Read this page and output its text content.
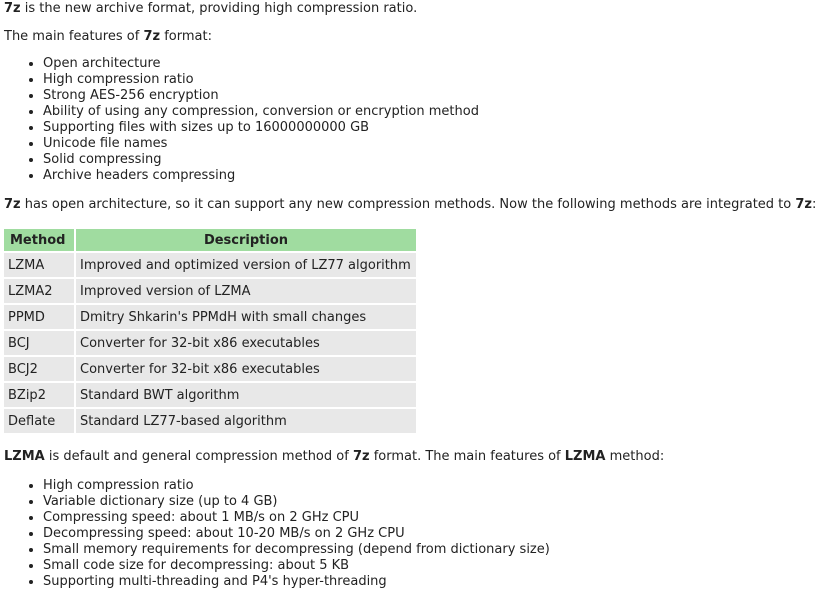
7z is the new archive format, providing high compression ratio.

The main features of 7z format:

Open architecture
High compression ratio
Strong AES-256 encryption
Ability of using any compression, conversion or encryption method
Supporting files with sizes up to 16000000000 GB
Unicode file names
Solid compressing
Archive headers compressing

7z has open architecture, so it can support any new compression methods. Now the following methods are integrated to 7z:

Method	Description
LZMA	Improved and optimized version of LZ77 algorithm
LZMA2	Improved version of LZMA
PPMD	Dmitry Shkarin's PPMdH with small changes
BCJ	Converter for 32-bit x86 executables
BCJ2	Converter for 32-bit x86 executables
BZip2	Standard BWT algorithm
Deflate	Standard LZ77-based algorithm

LZMA is default and general compression method of 7z format. The main features of LZMA method:

High compression ratio
Variable dictionary size (up to 4 GB)
Compressing speed: about 1 MB/s on 2 GHz CPU
Decompressing speed: about 10-20 MB/s on 2 GHz CPU
Small memory requirements for decompressing (depend from dictionary size)
Small code size for decompressing: about 5 KB
Supporting multi-threading and P4's hyper-threading
